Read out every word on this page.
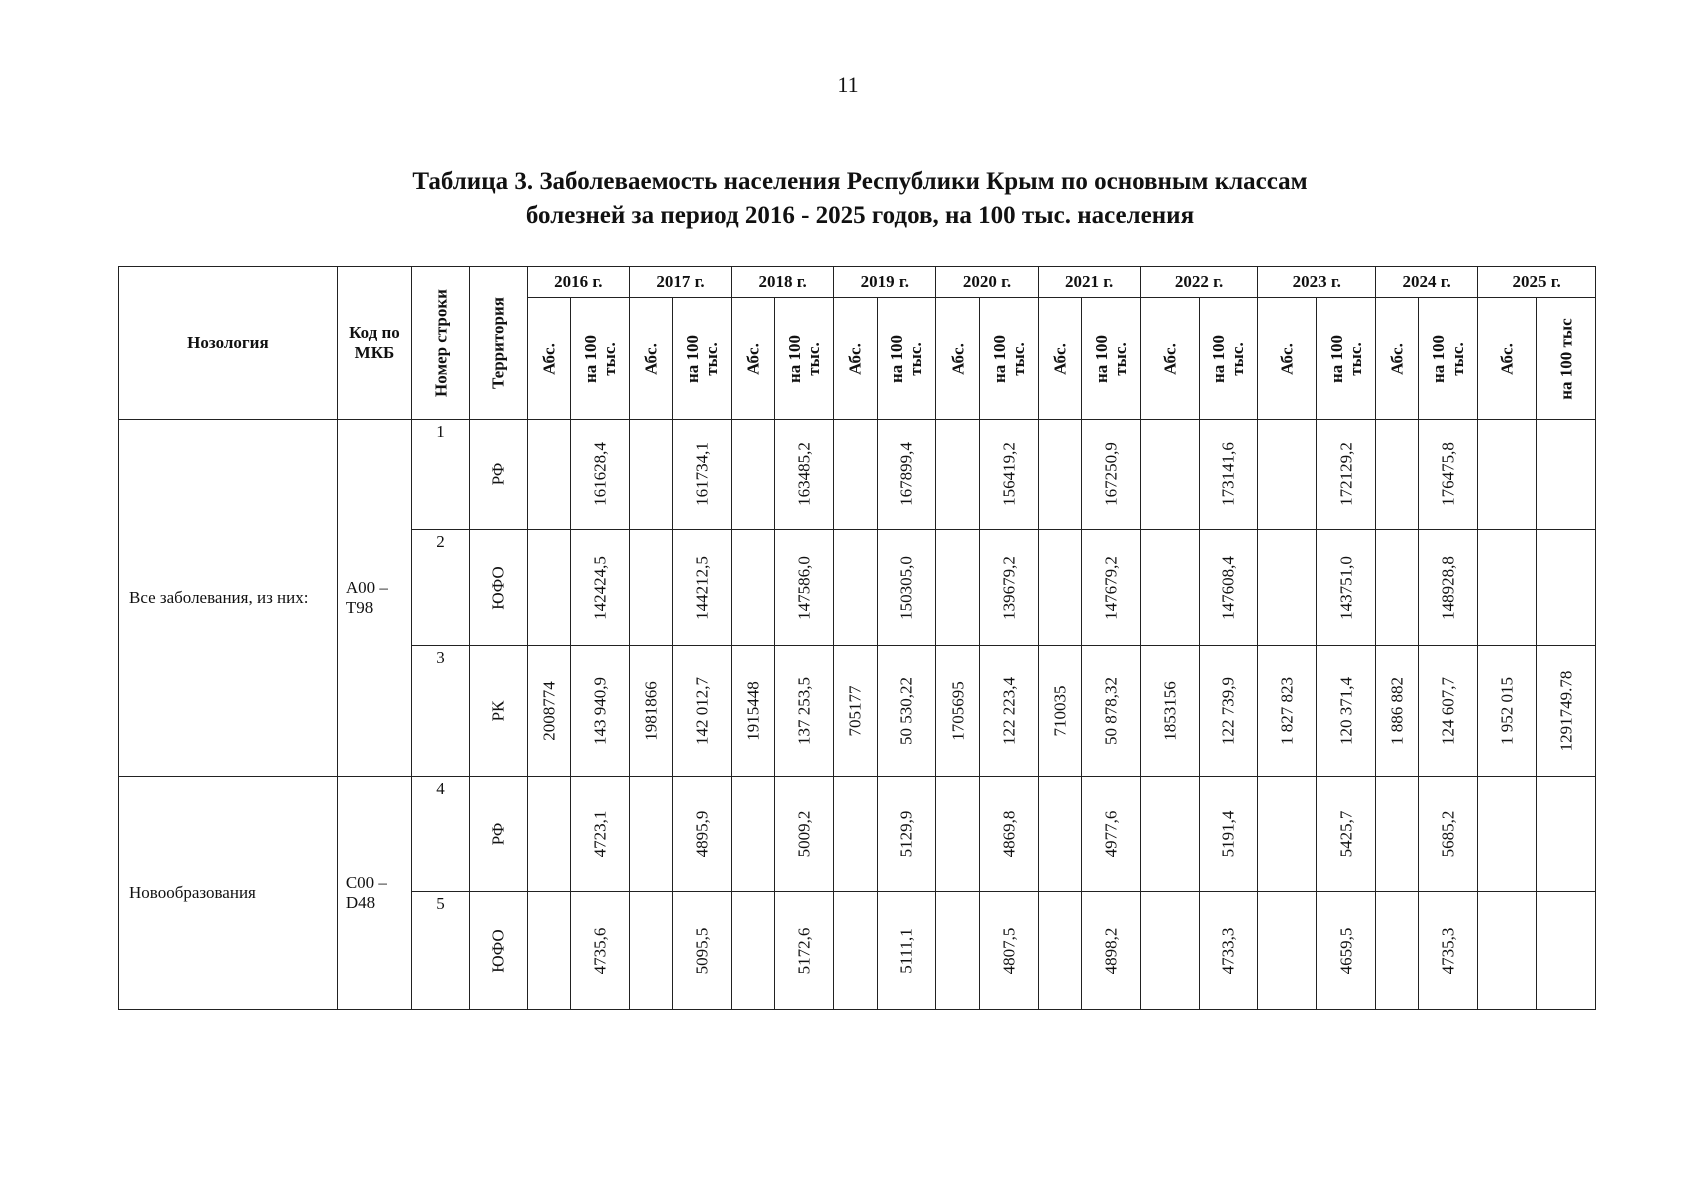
11
Таблица 3. Заболеваемость населения Республики Крым по основным классам
болезней за период 2016 - 2025 годов, на 100 тыс. населения
Нозология	Код по МКБ	Номер строки	Территория	2016 г.		2017 г.		2018 г.		2019 г.		2020 г.		2021 г.		2022 г.		2023 г.		2024 г.		2025 г.	

				Абс.	на 100 тыс.	Абс.	на 100 тыс.	Абс.	на 100 тыс.	Абс.	на 100 тыс.	Абс.	на 100 тыс.	Абс.	на 100 тыс.	Абс.	на 100 тыс.	Абс.	на 100 тыс.	Абс.	на 100 тыс.	Абс.	на 100 тыс

Все заболевания, из них:	A00 – T98	1	РФ		161628,4		161734,1		163485,2		167899,4		156419,2		167250,9		173141,6		172129,2		176475,8		

		2	ЮФО		142424,5		144212,5		147586,0		150305,0		139679,2		147679,2		147608,4		143751,0		148928,8		

		3	РК	2008774	143 940,9	1981866	142 012,7	1915448	137 253,5	705177	50 530,22	1705695	122 223,4	710035	50 878,32	1853156	122 739,9	1 827 823	120 371,4	1 886 882	124 607,7	1 952 015	1291749.78

Новообразования	C00 – D48	4	РФ		4723,1		4895,9		5009,2		5129,9		4869,8		4977,6		5191,4		5425,7		5685,2		

		5	ЮФО		4735,6		5095,5		5172,6		5111,1		4807,5		4898,2		4733,3		4659,5		4735,3		
